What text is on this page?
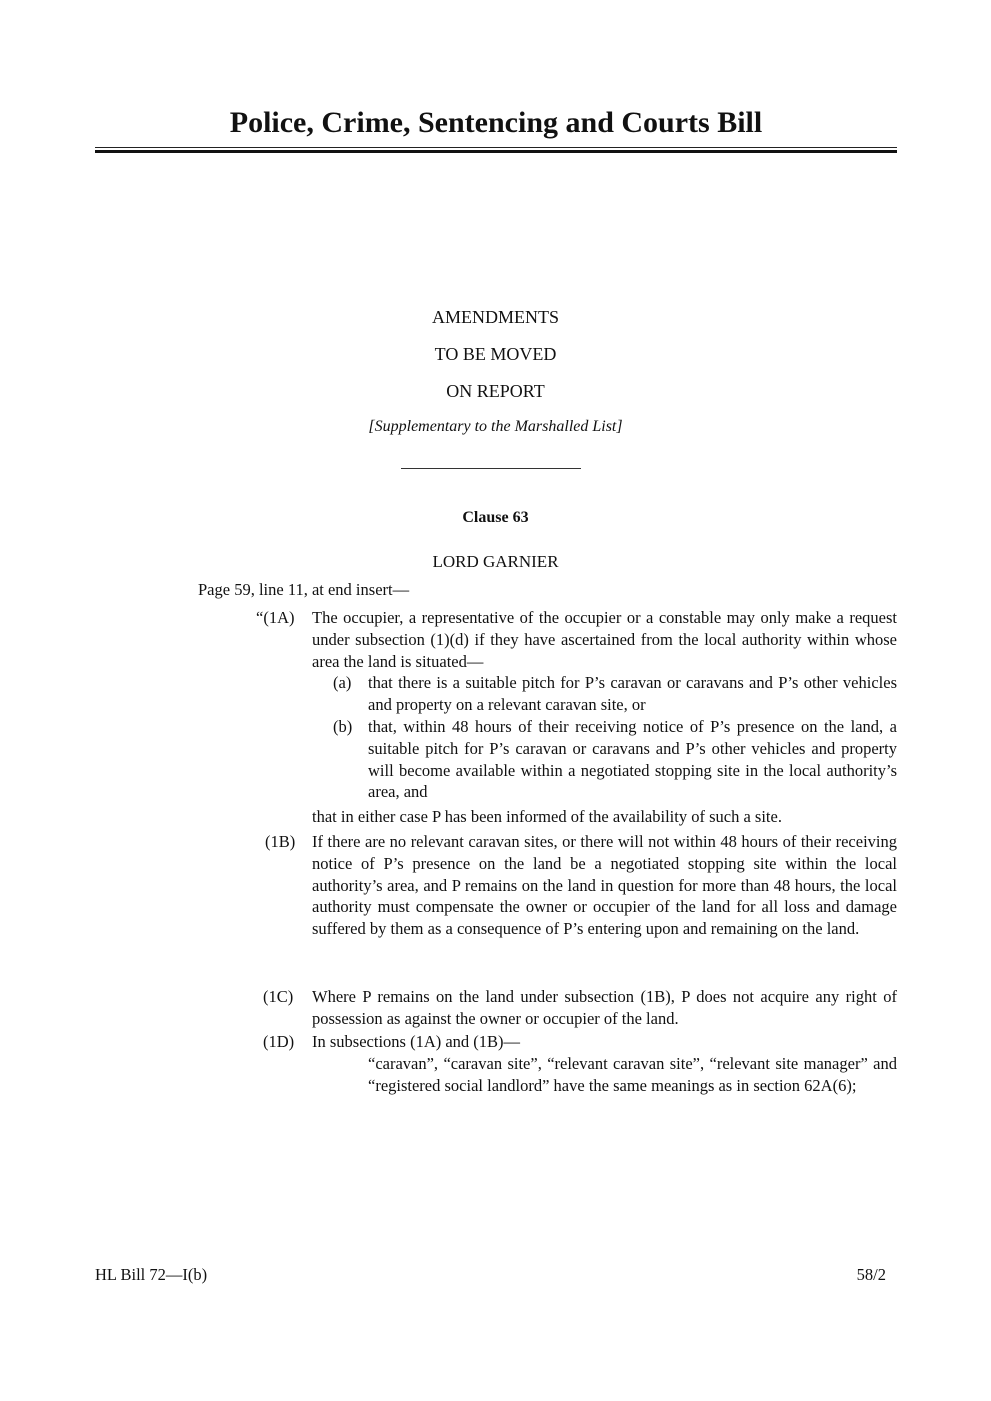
Police, Crime, Sentencing and Courts Bill
AMENDMENTS
TO BE MOVED
ON REPORT
[Supplementary to the Marshalled List]
Clause 63
LORD GARNIER
Page 59, line 11, at end insert—
“(1A) The occupier, a representative of the occupier or a constable may only make a request under subsection (1)(d) if they have ascertained from the local authority within whose area the land is situated—
(a) that there is a suitable pitch for P’s caravan or caravans and P’s other vehicles and property on a relevant caravan site, or
(b) that, within 48 hours of their receiving notice of P’s presence on the land, a suitable pitch for P’s caravan or caravans and P’s other vehicles and property will become available within a negotiated stopping site in the local authority’s area, and
that in either case P has been informed of the availability of such a site.
(1B) If there are no relevant caravan sites, or there will not within 48 hours of their receiving notice of P’s presence on the land be a negotiated stopping site within the local authority’s area, and P remains on the land in question for more than 48 hours, the local authority must compensate the owner or occupier of the land for all loss and damage suffered by them as a consequence of P’s entering upon and remaining on the land.
(1C) Where P remains on the land under subsection (1B), P does not acquire any right of possession as against the owner or occupier of the land.
(1D) In subsections (1A) and (1B)—
“caravan”, “caravan site”, “relevant caravan site”, “relevant site manager” and “registered social landlord” have the same meanings as in section 62A(6);
HL Bill 72—I(b)	58/2
